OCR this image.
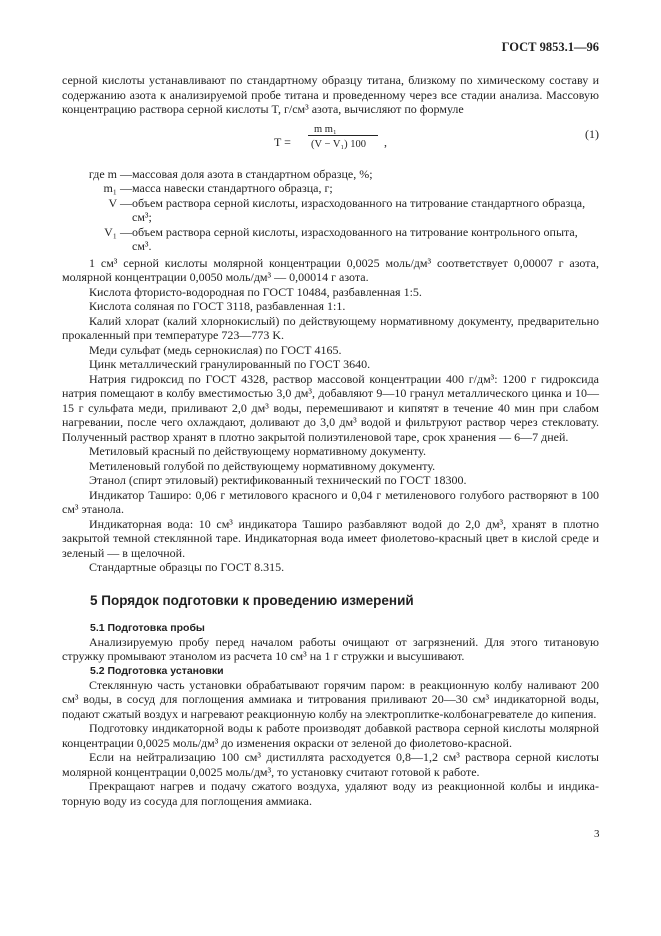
ГОСТ 9853.1—96

серной кислоты устанавливают по стандартному образцу титана, близкому по химическому составу и содержанию азота к анализируемой пробе титана и проведенному через все стадии анализа. Массовую концентрацию раствора серной кислоты T, г/см³ азота, вычисляют по формуле

T =
m m₁
(V − V₁) 100 ,
(1)
где m —	массовая доля азота в стандартном образце, %;
m₁ —	масса навески стандартного образца, г;
V —	объем раствора серной кислоты, израсходованного на титрование стандартного образца, см³;
V₁ —	объем раствора серной кислоты, израсходованного на титрование контрольного опыта, см³.

1 см³ серной кислоты молярной концентрации 0,0025 моль/дм³ соответствует 0,00007 г азота, молярной концентрации 0,0050 моль/дм³ — 0,00014 г азота.

Кислота фтористо-водородная по ГОСТ 10484, разбавленная 1:5.

Кислота соляная по ГОСТ 3118, разбавленная 1:1.

Калий хлорат (калий хлорнокислый) по действующему нормативному документу, предварительно прокаленный при температуре 723—773 K.

Меди сульфат (медь сернокислая) по ГОСТ 4165.

Цинк металлический гранулированный по ГОСТ 3640.

Натрия гидроксид по ГОСТ 4328, раствор массовой концентрации 400 г/дм³: 1200 г гидроксида натрия помещают в колбу вместимостью 3,0 дм³, добавляют 9—10 гранул металлического цинка и 10—15 г сульфата меди, приливают 2,0 дм³ воды, перемешивают и кипятят в течение 40 мин при слабом нагревании, после чего охлаждают, доливают до 3,0 дм³ водой и фильтруют раствор через стекловату. Полученный раствор хранят в плотно закрытой полиэтиленовой таре, срок хранения — 6—7 дней.

Метиловый красный по действующему нормативному документу.

Метиленовый голубой по действующему нормативному документу.

Этанол (спирт этиловый) ректификованный технический по ГОСТ 18300.

Индикатор Таширо: 0,06 г метилового красного и 0,04 г метиленового голубого растворяют в 100 см³ этанола.

Индикаторная вода: 10 см³ индикатора Таширо разбавляют водой до 2,0 дм³, хранят в плотно закрытой темной стеклянной таре. Индикаторная вода имеет фиолетово-красный цвет в кислой среде и зеленый — в щелочной.

Стандартные образцы по ГОСТ 8.315.

5 Порядок подготовки к проведению измерений
5.1 Подготовка пробы

Анализируемую пробу перед началом работы очищают от загрязнений. Для этого титановую стружку промывают этанолом из расчета 10 см³ на 1 г стружки и высушивают.

5.2 Подготовка установки

Стеклянную часть установки обрабатывают горячим паром: в реакционную колбу наливают 200 см³ воды, в сосуд для поглощения аммиака и титрования приливают 20—30 см³ индикаторной воды, подают сжатый воздух и нагревают реакционную колбу на электроплитке-колбонагревателе до кипения.

Подготовку индикаторной воды к работе производят добавкой раствора серной кислоты молярной концентрации 0,0025 моль/дм³ до изменения окраски от зеленой до фиолетово-красной.

Если на нейтрализацию 100 см³ дистиллята расходуется 0,8—1,2 см³ раствора серной кислоты молярной концентрации 0,0025 моль/дм³, то установку считают готовой к работе.

Прекращают нагрев и подачу сжатого воздуха, удаляют воду из реакционной колбы и индикаторную воду из сосуда для поглощения аммиака.

3
